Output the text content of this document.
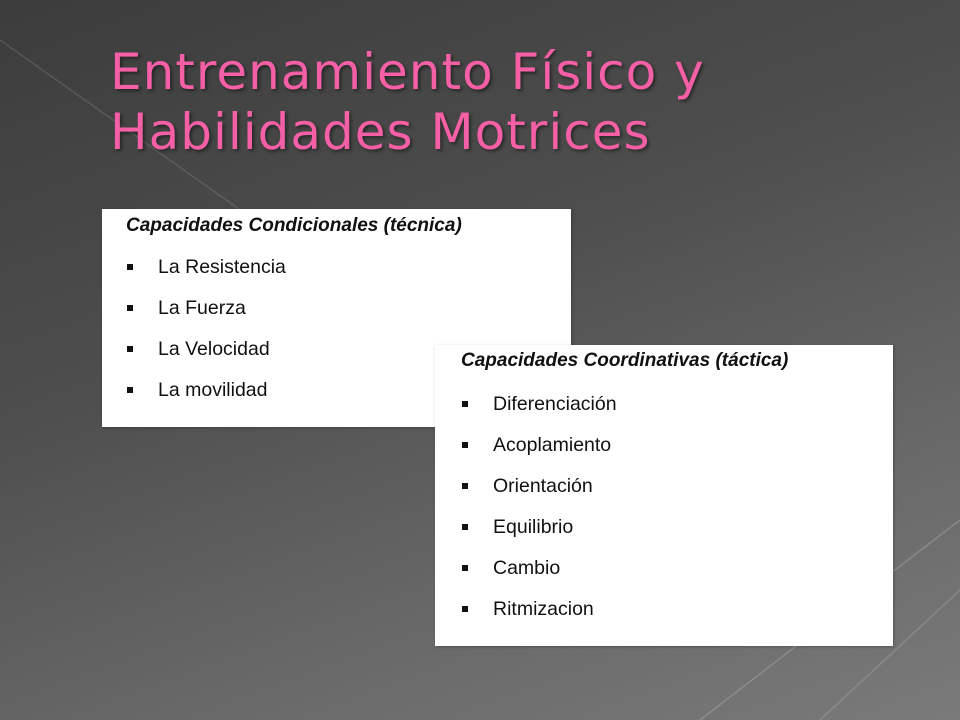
Entrenamiento Físico y
Habilidades Motrices

Capacidades Condicionales (técnica)

La Resistencia
La Fuerza
La Velocidad
La movilidad

Capacidades Coordinativas (táctica)

Diferenciación
Acoplamiento
Orientación
Equilibrio
Cambio
Ritmizacion
